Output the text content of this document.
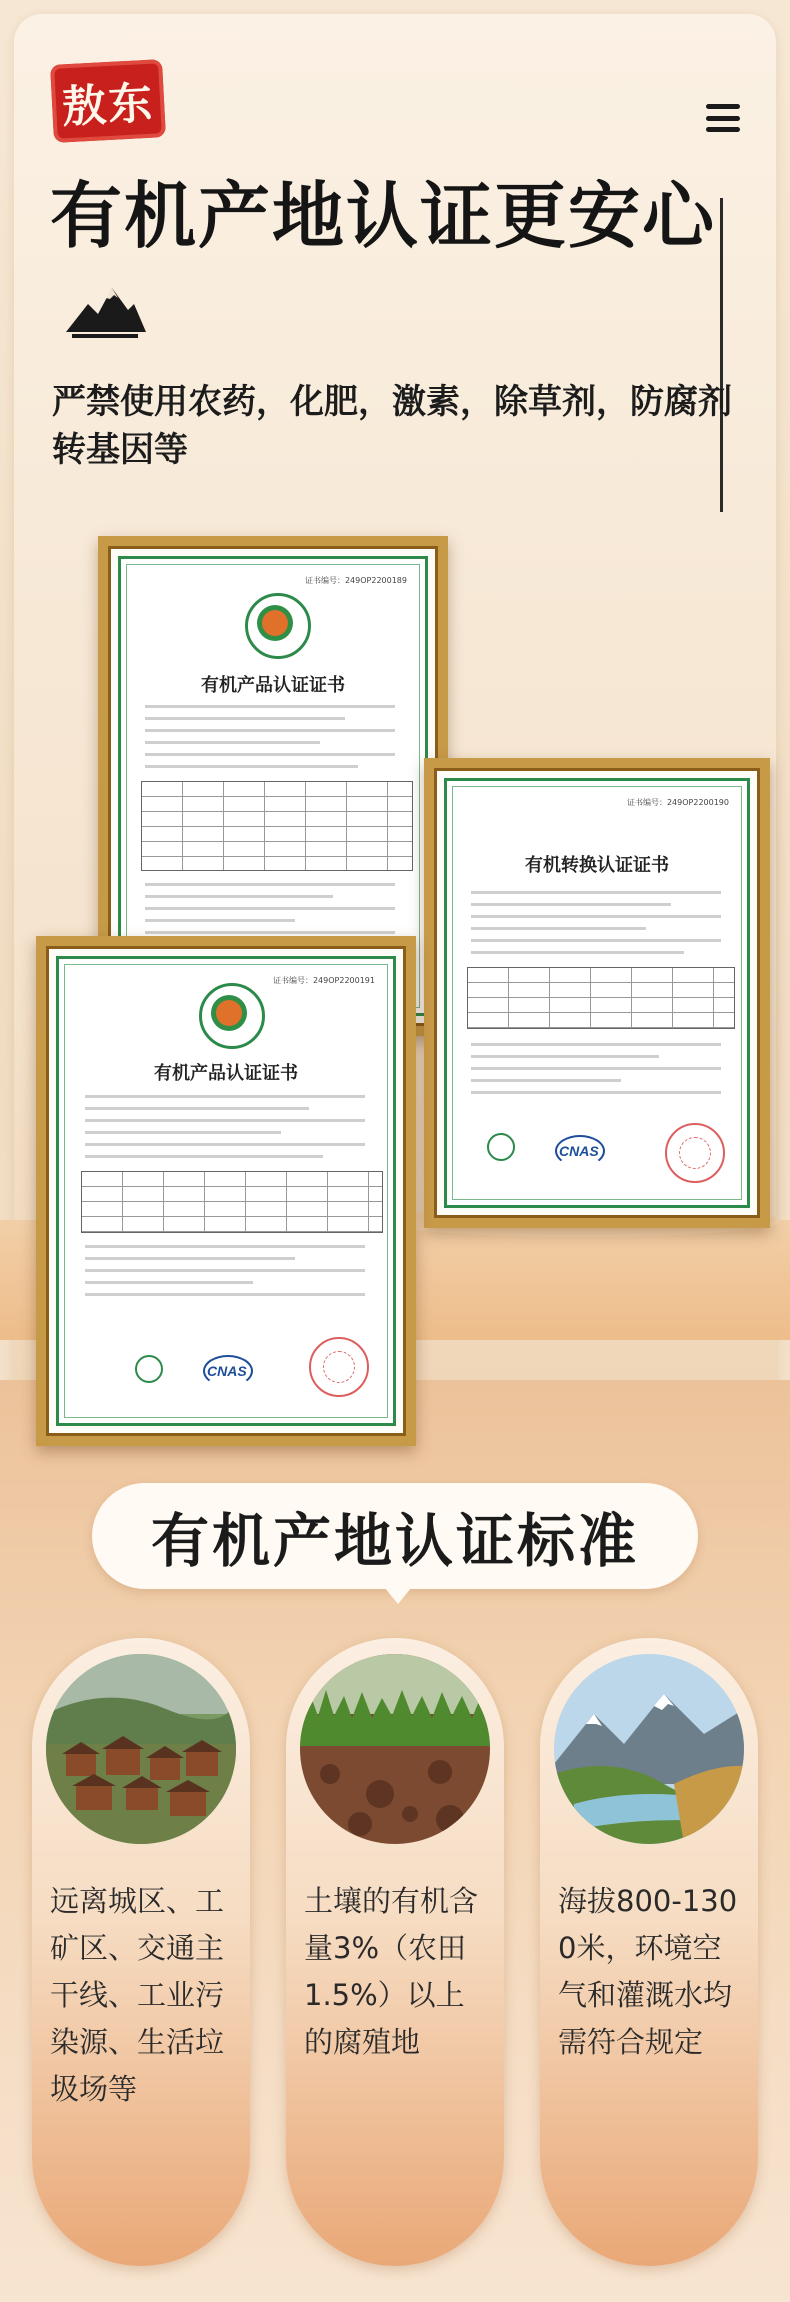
敖东
有机产地认证更安心
严禁使用农药，化肥，激素，除草剂，防腐剂转基因等
证书编号：249OP2200189
有机产品认证证书
证书编号：249OP2200190
有机转换认证证书
CNAS
证书编号：249OP2200191
有机产品认证证书
CNAS
有机产地认证标准
远离城区、工矿区、交通主干线、工业污染源、生活垃圾场等
土壤的有机含量3%（农田1.5%）以上的腐殖地
海拔800-1300米，环境空气和灌溉水均需符合规定
